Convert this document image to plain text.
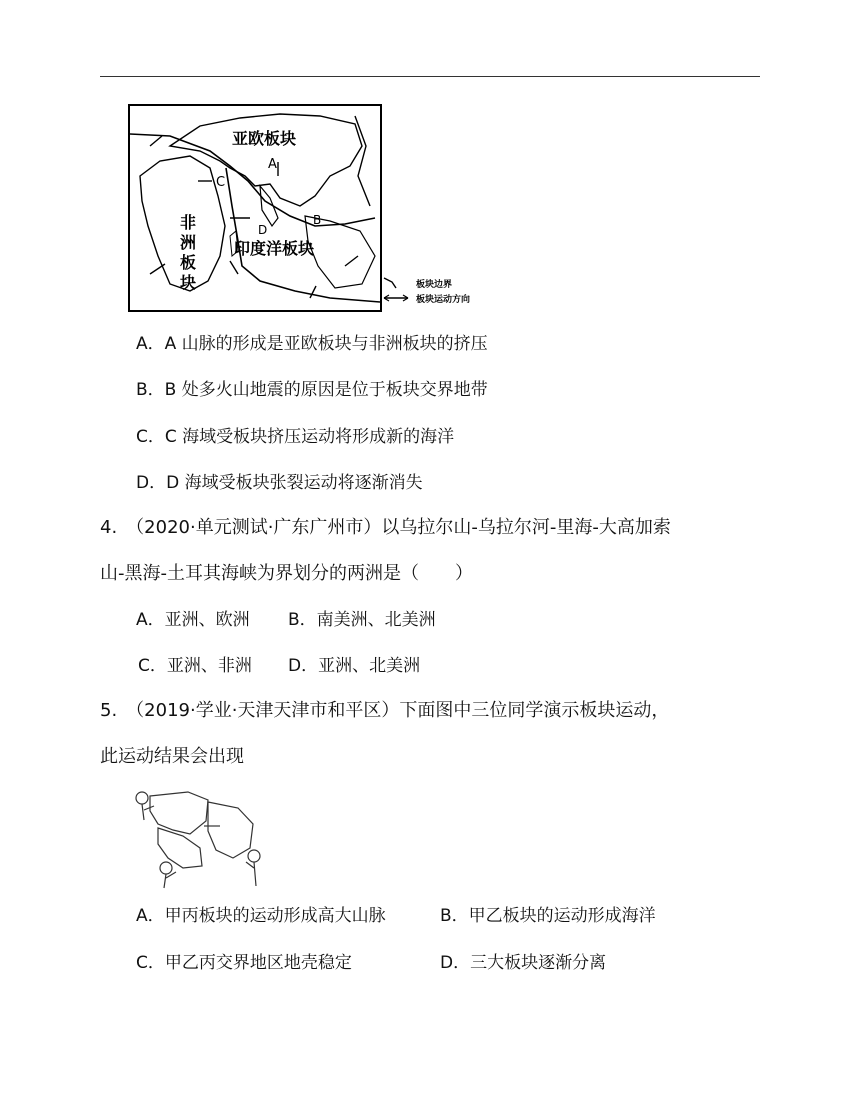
亚欧板块
A
C
B
D
非
洲
板
块
印度洋板块
板块边界
板块运动方向
A．A 山脉的形成是亚欧板块与非洲板块的挤压
B．B 处多火山地震的原因是位于板块交界地带
C．C 海域受板块挤压运动将形成新的海洋
D．D 海域受板块张裂运动将逐渐消失
4.　（2020·单元测试·广东广州市）以乌拉尔山-乌拉尔河-里海-大高加索
山-黑海-土耳其海峡为界划分的两洲是（　　）
A．亚洲、欧洲 B．南美洲、北美洲
C．亚洲、非洲 D．亚洲、北美洲
5.　（2019·学业·天津天津市和平区）下面图中三位同学演示板块运动，
此运动结果会出现
A．甲丙板块的运动形成高大山脉	B．甲乙板块的运动形成海洋
C．甲乙丙交界地区地壳稳定	D．三大板块逐渐分离
